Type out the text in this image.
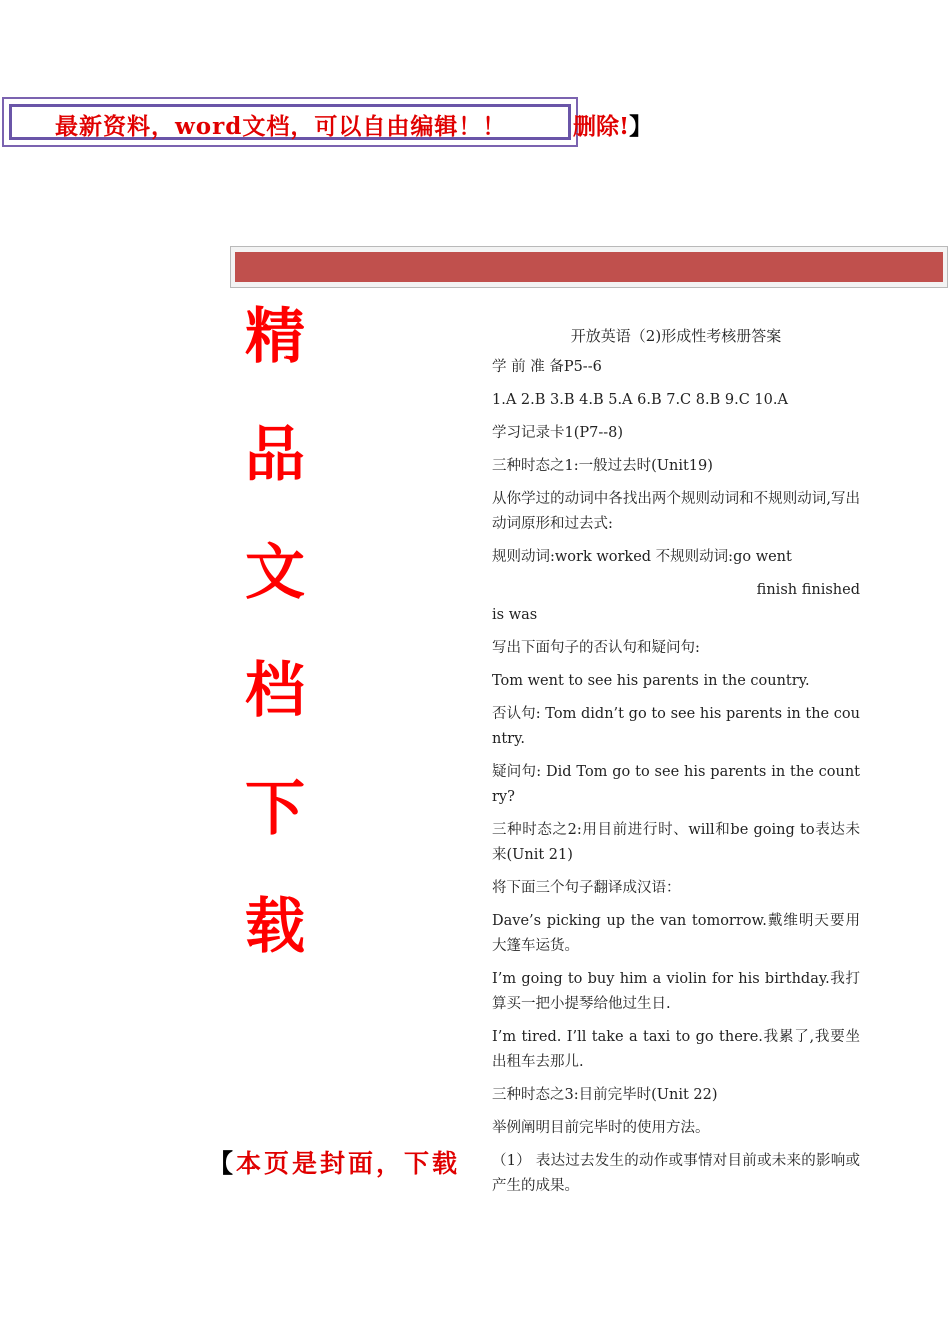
最新资料，word文档，可以自由编辑！！	删除!】
精
品
文
档
下
载
【本页是封面，下载

开放英语（2)形成性考核册答案

学 前 准 备P5--6

1.A 2.B 3.B 4.B 5.A 6.B 7.C 8.B 9.C 10.A

学习记录卡1(P7--8)

三种时态之1:一般过去时(Unit19)

从你学过的动词中各找出两个规则动词和不规则动词,写出动词原形和过去式:

规则动词:work worked 不规则动词:go went

finish finished

is was

写出下面句子的否认句和疑问句:

Tom went to see his parents in the country.

否认句: Tom didn’t go to see his parents in the country.

疑问句: Did Tom go to see his parents in the country?

三种时态之2:用目前进行时、will和be going to表达未来(Unit 21)

将下面三个句子翻译成汉语：

Dave’s picking up the van tomorrow.戴维明天要用大篷车运货。

I’m going to buy him a violin for his birthday.我打算买一把小提琴给他过生日.

I’m tired. I’ll take a taxi to go there.我累了,我要坐出租车去那儿.

三种时态之3:目前完毕时(Unit 22)

举例阐明目前完毕时的使用方法。

（1） 表达过去发生的动作或事情对目前或未来的影响或产生的成果。
